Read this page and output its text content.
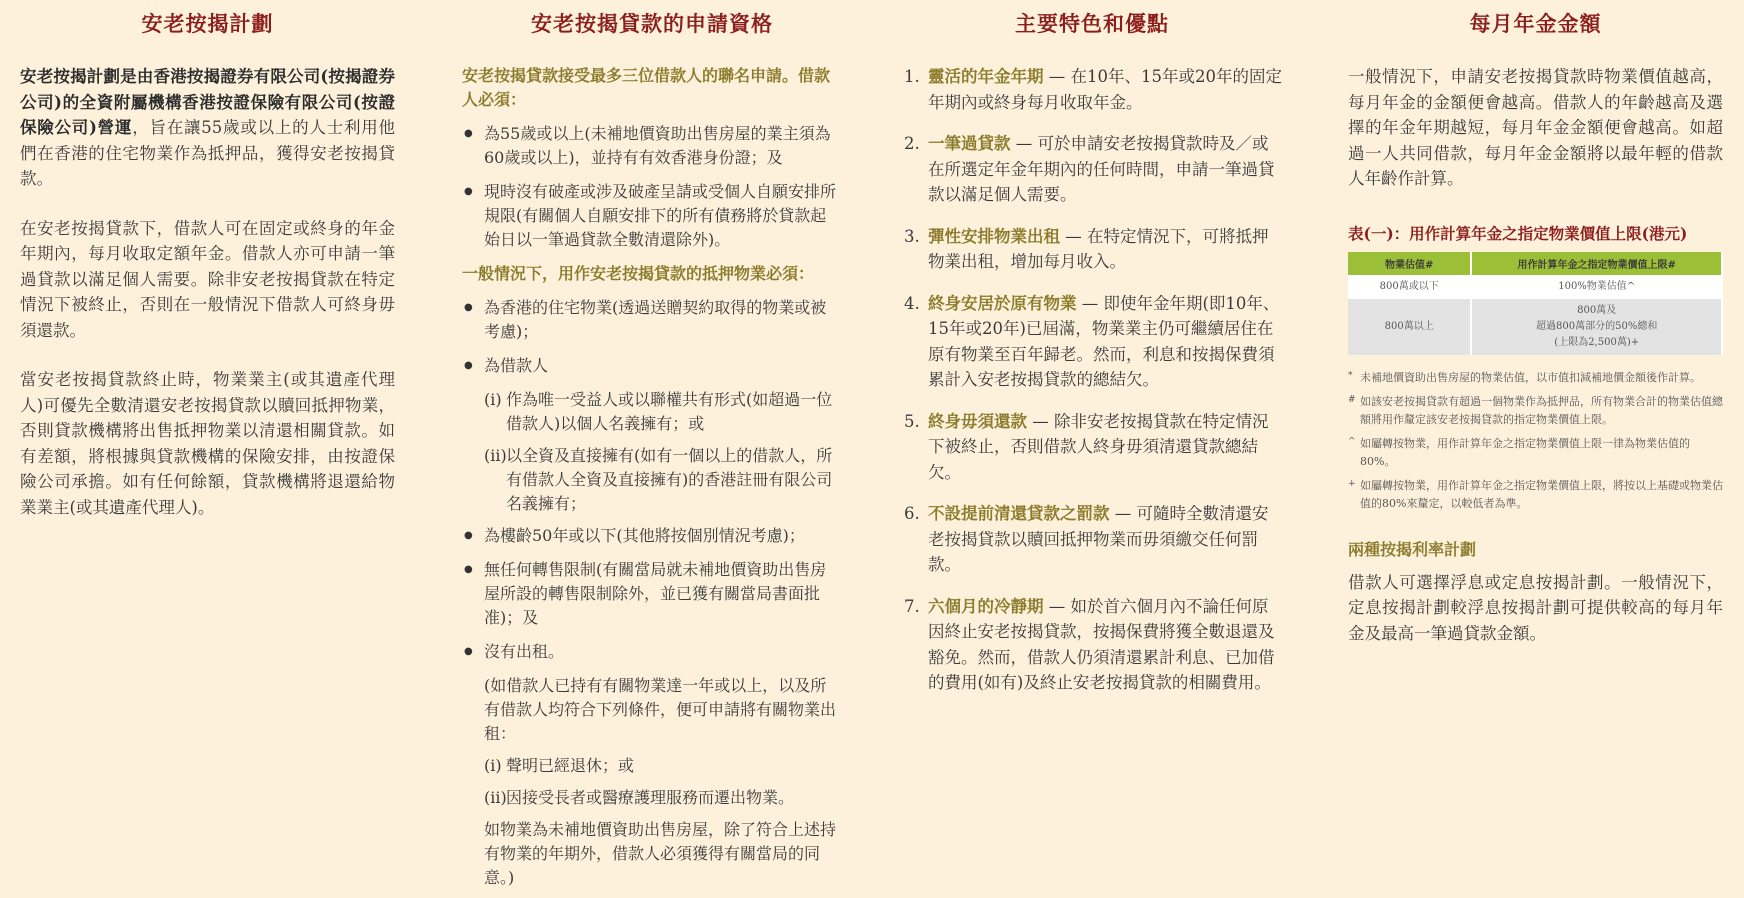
安老按揭計劃

安老按揭計劃是由香港按揭證券有限公司(按揭證券公司)的全資附屬機構香港按證保險有限公司(按證保險公司)營運，旨在讓55歲或以上的人士利用他們在香港的住宅物業作為抵押品，獲得安老按揭貸款。

在安老按揭貸款下，借款人可在固定或終身的年金年期內，每月收取定額年金。借款人亦可申請一筆過貸款以滿足個人需要。除非安老按揭貸款在特定情況下被終止，否則在一般情況下借款人可終身毋須還款。

當安老按揭貸款終止時，物業業主(或其遺產代理人)可優先全數清還安老按揭貸款以贖回抵押物業，否則貸款機構將出售抵押物業以清還相關貸款。如有差額，將根據與貸款機構的保險安排，由按證保險公司承擔。如有任何餘額，貸款機構將退還給物業業主(或其遺產代理人)。

安老按揭貸款的申請資格

安老按揭貸款接受最多三位借款人的聯名申請。借款人必須：

● 為55歲或以上(未補地價資助出售房屋的業主須為60歲或以上)，並持有有效香港身份證；及
● 現時沒有破產或涉及破產呈請或受個人自願安排所規限(有關個人自願安排下的所有債務將於貸款起始日以一筆過貸款全數清還除外)。

一般情況下，用作安老按揭貸款的抵押物業必須：

● 為香港的住宅物業(透過送贈契約取得的物業或被考慮)；
● 為借款人
(i) 作為唯一受益人或以聯權共有形式(如超過一位借款人)以個人名義擁有；或
(ii) 以全資及直接擁有(如有一個以上的借款人，所有借款人全資及直接擁有)的香港註冊有限公司名義擁有；
● 為樓齡50年或以下(其他將按個別情況考慮)；
● 無任何轉售限制(有關當局就未補地價資助出售房屋所設的轉售限制除外，並已獲有關當局書面批准)；及
● 沒有出租。

(如借款人已持有有關物業達一年或以上，以及所有借款人均符合下列條件，便可申請將有關物業出租：

(i) 聲明已經退休；或
(ii) 因接受長者或醫療護理服務而遷出物業。

如物業為未補地價資助出售房屋，除了符合上述持有物業的年期外，借款人必須獲得有關當局的同意。)

主要特色和優點
1. 靈活的年金年期 — 在10年、15年或20年的固定年期內或終身每月收取年金。
2. 一筆過貸款 — 可於申請安老按揭貸款時及／或在所選定年金年期內的任何時間，申請一筆過貸款以滿足個人需要。
3. 彈性安排物業出租 — 在特定情況下，可將抵押物業出租，增加每月收入。
4. 終身安居於原有物業 — 即使年金年期(即10年、15年或20年)已屆滿，物業業主仍可繼續居住在原有物業至百年歸老。然而，利息和按揭保費須累計入安老按揭貸款的總結欠。
5. 終身毋須還款 — 除非安老按揭貸款在特定情況下被終止，否則借款人終身毋須清還貸款總結欠。
6. 不設提前清還貸款之罰款 — 可隨時全數清還安老按揭貸款以贖回抵押物業而毋須繳交任何罰款。
7. 六個月的冷靜期 — 如於首六個月內不論任何原因終止安老按揭貸款，按揭保費將獲全數退還及豁免。然而，借款人仍須清還累計利息、已加借的費用(如有)及終止安老按揭貸款的相關費用。
每月年金金額

一般情況下，申請安老按揭貸款時物業價值越高，每月年金的金額便會越高。借款人的年齡越高及選擇的年金年期越短，每月年金金額便會越高。如超過一人共同借款，每月年金金額將以最年輕的借款人年齡作計算。

表(一)：用作計算年金之指定物業價值上限(港元)
物業估值#	用作計算年金之指定物業價值上限#
800萬或以下	100%物業估值^
800萬以上	800萬及
超過800萬部分的50%總和
(上限為2,500萬)+
* 未補地價資助出售房屋的物業估值，以市值扣減補地價金額後作計算。
# 如該安老按揭貸款有超過一個物業作為抵押品，所有物業合計的物業估值總額將用作釐定該安老按揭貸款的指定物業價值上限。
^ 如屬轉按物業，用作計算年金之指定物業價值上限一律為物業估值的80%。
+ 如屬轉按物業，用作計算年金之指定物業價值上限，將按以上基礎或物業估值的80%來釐定，以較低者為準。
兩種按揭利率計劃

借款人可選擇浮息或定息按揭計劃。一般情況下，定息按揭計劃較浮息按揭計劃可提供較高的每月年金及最高一筆過貸款金額。
